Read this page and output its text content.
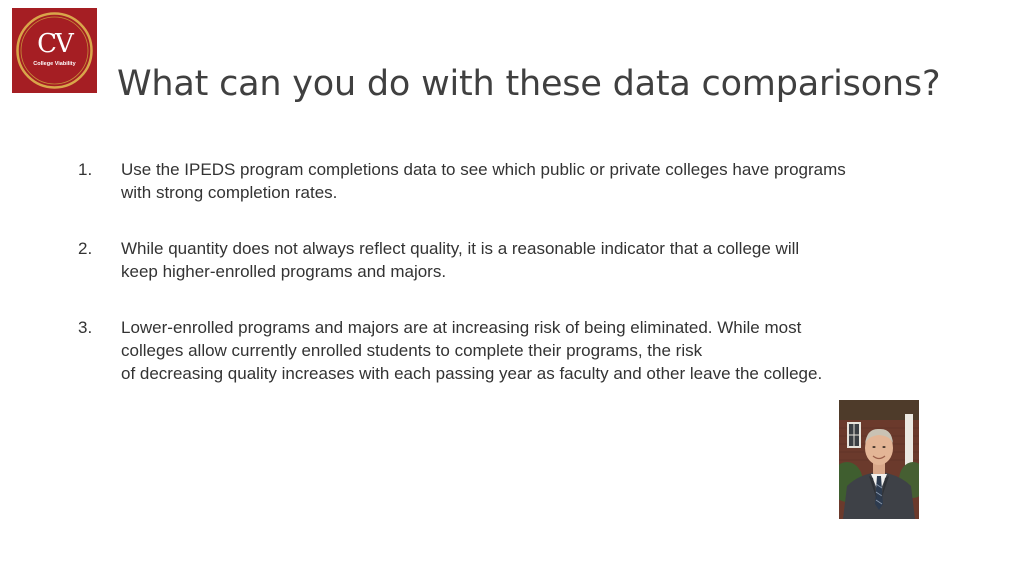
CV
College Viability What can you do with these data comparisons?
1. Use the IPEDS program completions data to see which public or private colleges have programs
with strong completion rates.
2. While quantity does not always reflect quality, it is a reasonable indicator that a college will
keep higher-enrolled programs and majors.
3. Lower-enrolled programs and majors are at increasing risk of being eliminated. While most
colleges allow currently enrolled students to complete their programs, the risk
of decreasing quality increases with each passing year as faculty and other leave the college.
